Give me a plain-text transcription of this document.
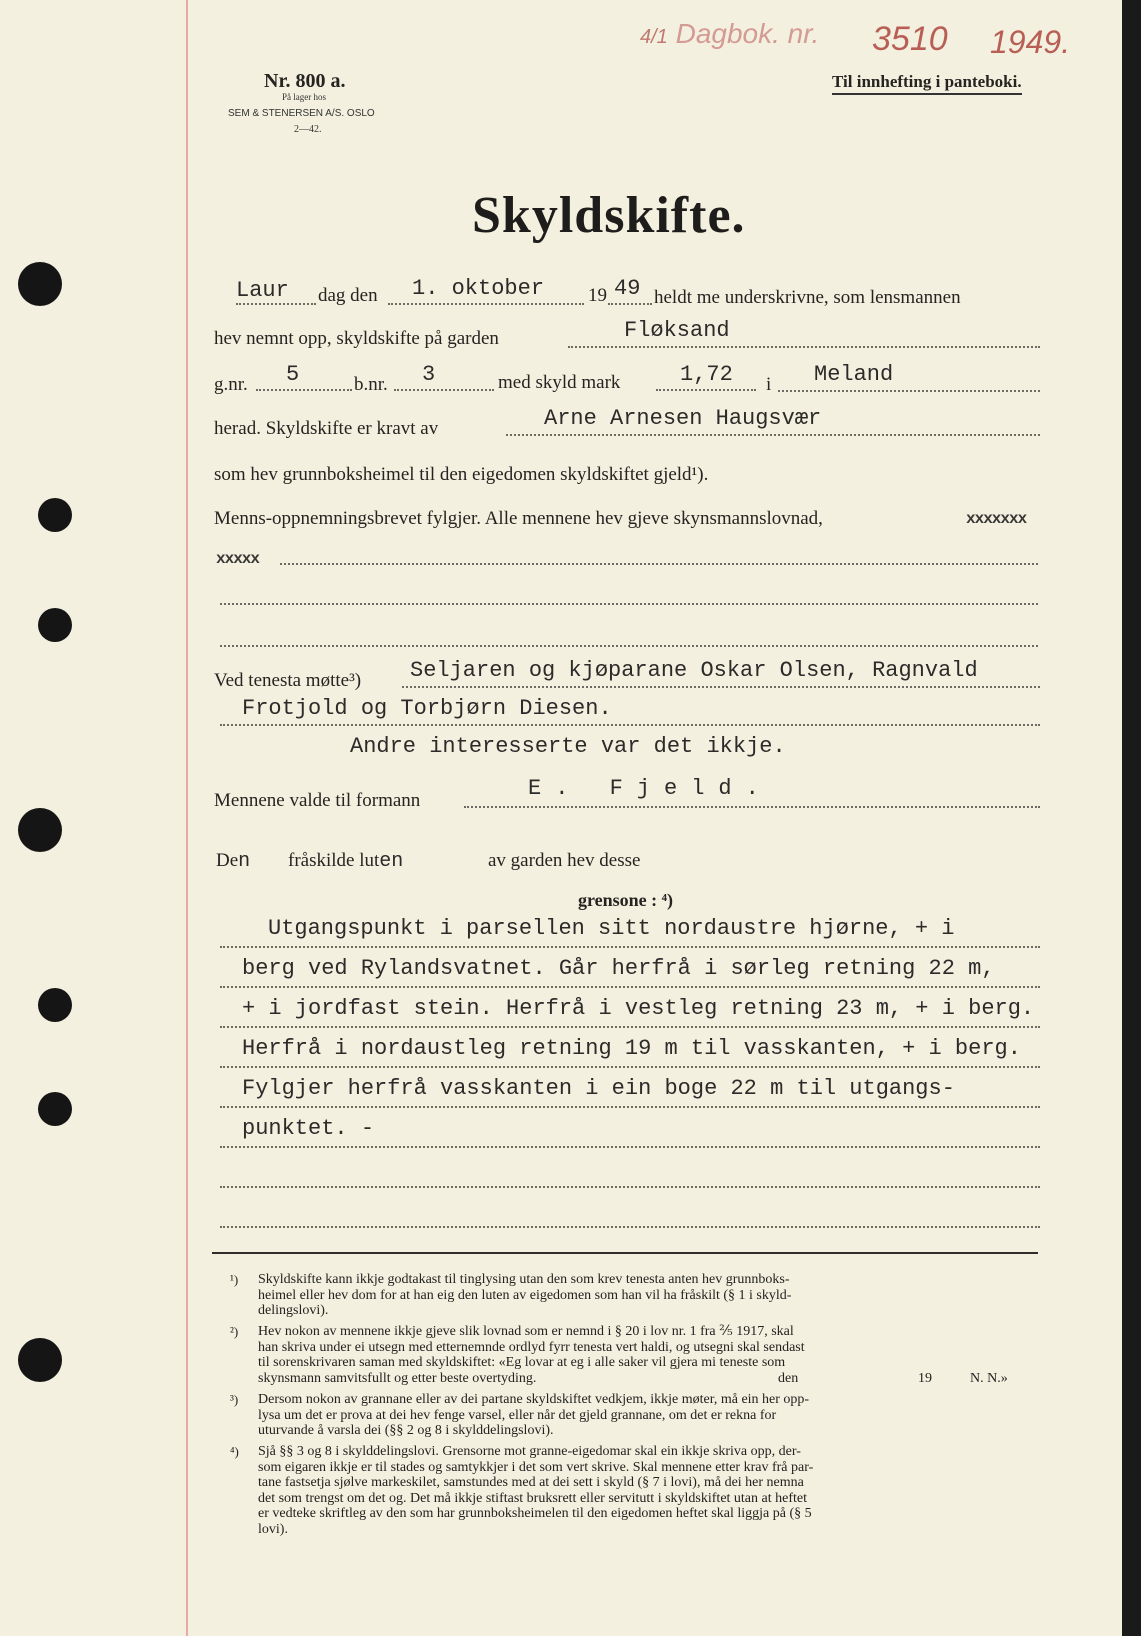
Nr. 800 a.
På lager hos
SEM & STENERSEN A/S. OSLO
2—42.
4/1 Dagbok. nr. 3510 1949.
Til innhefting i panteboki.
Skyldskifte.
Laur dag den 1. oktober 19 49 heldt me underskrivne, som lensmannen
hev nemnt opp, skyldskifte på garden	Fløksand
g.nr. 5	b.nr. 3	med skyld mark	1,72 i Meland
herad. Skyldskifte er kravt av	Arne Arnesen Haugsvær
som hev grunnboksheimel til den eigedomen skyldskiftet gjeld¹).
Menns-oppnemningsbrevet fylgjer. Alle mennene hev gjeve skynsmannslovnad,	xxxxxxx
xxxxx
Ved tenesta møtte³) Seljaren og kjøparane Oskar Olsen, Ragnvald
Frotjold og Torbjørn Diesen.
Andre interesserte var det ikkje.
Mennene valde til formann	E. Fjeld.
Den fråskilde luten	av garden hev desse
grensone : ⁴)
Utgangspunkt i parsellen sitt nordaustre hjørne, + i
berg ved Rylandsvatnet. Går herfrå i sørleg retning 22 m,
+ i jordfast stein. Herfrå i vestleg retning 23 m, + i berg.
Herfrå i nordaustleg retning 19 m til vasskanten, + i berg.
Fylgjer herfrå vasskanten i ein boge 22 m til utgangs-
punktet. -
¹) Skyldskifte kann ikkje godtakast til tinglysing utan den som krev tenesta anten hev grunnboks-
heimel eller hev dom for at han eig den luten av eigedomen som han vil ha fråskilt (§ 1 i skyld-
delingslovi).
²) Hev nokon av mennene ikkje gjeve slik lovnad som er nemnd i § 20 i lov nr. 1 fra ⅖ 1917, skal
han skriva under ei utsegn med etternemnde ordlyd fyrr tenesta vert haldi, og utsegni skal sendast
til sorenskrivaren saman med skyldskiftet: «Eg lovar at eg i alle saker vil gjera mi teneste som
skynsmann samvitsfullt og etter beste overtyding.	den	19	N. N.»
³) Dersom nokon av grannane eller av dei partane skyldskiftet vedkjem, ikkje møter, må ein her opp-
lysa um det er prova at dei hev fenge varsel, eller når det gjeld grannane, om det er rekna for
uturvande å varsla dei (§§ 2 og 8 i skylddelingslovi).
⁴) Sjå §§ 3 og 8 i skylddelingslovi. Grensorne mot granne-eigedomar skal ein ikkje skriva opp, der-
som eigaren ikkje er til stades og samtykkjer i det som vert skrive. Skal mennene etter krav frå par-
tane fastsetja sjølve markeskilet, samstundes med at dei sett i skyld (§ 7 i lovi), må dei her nemna
det som trengst om det og. Det må ikkje stiftast bruksrett eller servitutt i skyldskiftet utan at heftet
er vedteke skriftleg av den som har grunnboksheimelen til den eigedomen heftet skal liggja på (§ 5
lovi).
